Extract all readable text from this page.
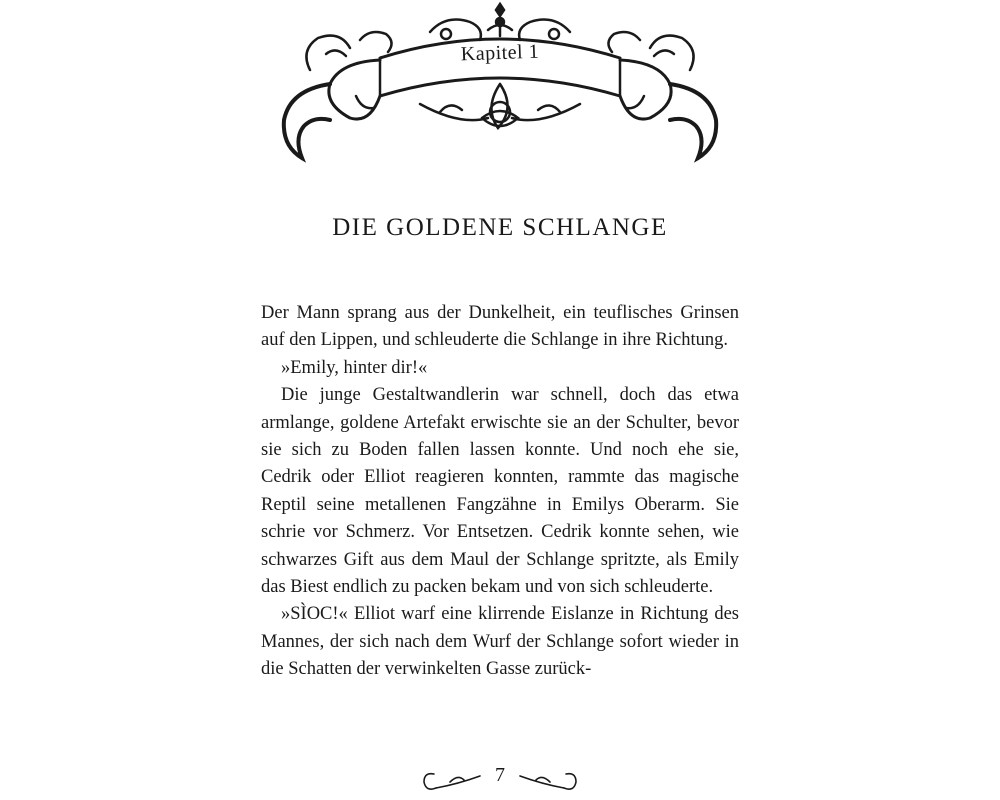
Kapitel 1
DIE GOLDENE SCHLANGE

Der Mann sprang aus der Dunkelheit, ein teuflisches Grinsen auf den Lippen, und schleuderte die Schlange in ihre Richtung.

»Emily, hinter dir!«

Die junge Gestaltwandlerin war schnell, doch das etwa armlange, goldene Artefakt erwischte sie an der Schulter, bevor sie sich zu Boden fallen lassen konnte. Und noch ehe sie, Cedrik oder Elliot reagieren konnten, rammte das magische Reptil seine metallenen Fangzähne in Emilys Oberarm. Sie schrie vor Schmerz. Vor Entsetzen. Cedrik konnte sehen, wie schwarzes Gift aus dem Maul der Schlange spritzte, als Emily das Biest endlich zu packen bekam und von sich schleuderte.

»SÌOC!« Elliot warf eine klirrende Eislanze in Richtung des Mannes, der sich nach dem Wurf der Schlange sofort wieder in die Schatten der verwinkelten Gasse zurück-

7
